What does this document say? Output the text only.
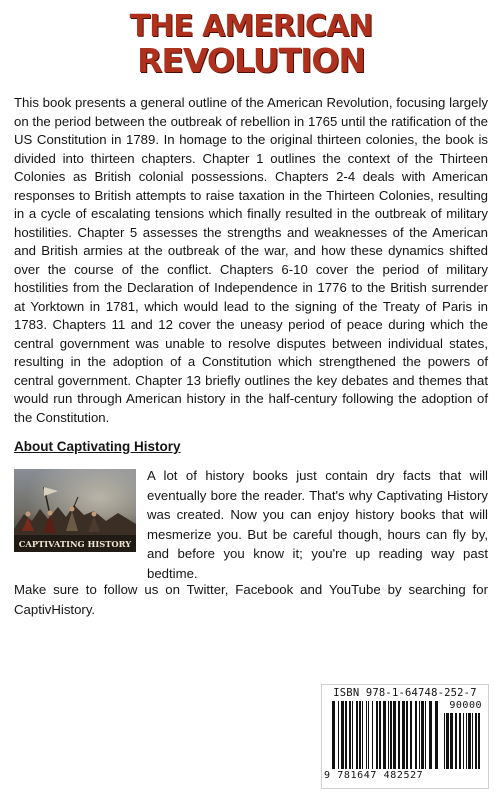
THE AMERICAN
REVOLUTION

This book presents a general outline of the American Revolution, focusing largely on the period between the outbreak of rebellion in 1765 until the ratification of the US Constitution in 1789. In homage to the original thirteen colonies, the book is divided into thirteen chapters. Chapter 1 outlines the context of the Thirteen Colonies as British colonial possessions. Chapters 2-4 deals with American responses to British attempts to raise taxation in the Thirteen Colonies, resulting in a cycle of escalating tensions which finally resulted in the outbreak of military hostilities. Chapter 5 assesses the strengths and weaknesses of the American and British armies at the outbreak of the war, and how these dynamics shifted over the course of the conflict. Chapters 6-10 cover the period of military hostilities from the Declaration of Independence in 1776 to the British surrender at Yorktown in 1781, which would lead to the signing of the Treaty of Paris in 1783. Chapters 11 and 12 cover the uneasy period of peace during which the central government was unable to resolve disputes between individual states, resulting in the adoption of a Constitution which strengthened the powers of central government. Chapter 13 briefly outlines the key debates and themes that would run through American history in the half-century following the adoption of the Constitution.

About Captivating History

CAPTIVATING HISTORY

A lot of history books just contain dry facts that will eventually bore the reader. That's why Captivating History was created. Now you can enjoy history books that will mesmerize you. But be careful though, hours can fly by, and before you know it; you're up reading way past bedtime.

Make sure to follow us on Twitter, Facebook and YouTube by searching for CaptivHistory.

ISBN 978-1-64748-252-7
90000
9 781647 482527
